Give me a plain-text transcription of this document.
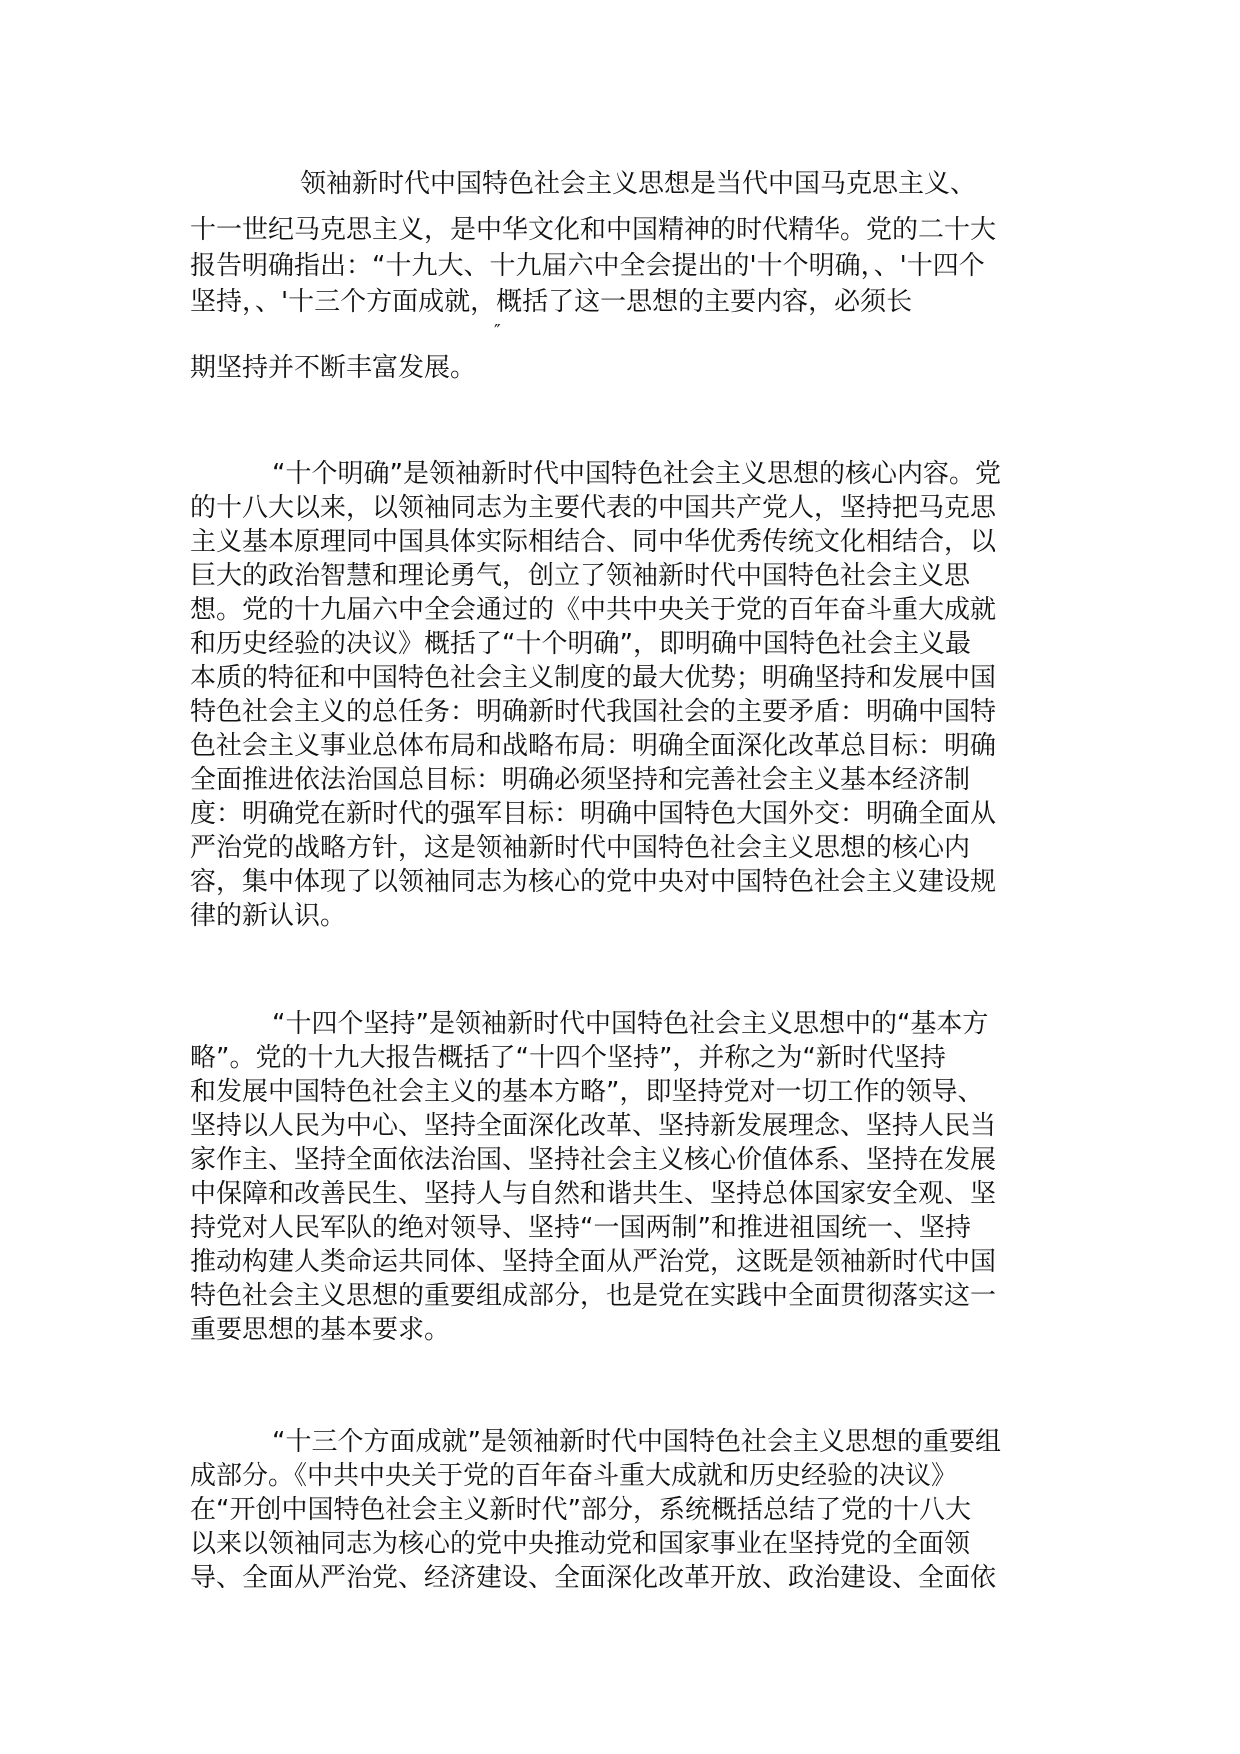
领袖新时代中国特色社会主义思想是当代中国马克思主义、

十一世纪马克思主义，是中华文化和中国精神的时代精华。党的二十大

报告明确指出：“十九大、十九届六中全会提出的'十个明确，、'十四个

坚持，、'十三个方面成就，概括了这一思想的主要内容，必须长

″

期坚持并不断丰富发展。

“十个明确”是领袖新时代中国特色社会主义思想的核心内容。党

的十八大以来，以领袖同志为主要代表的中国共产党人，坚持把马克思

主义基本原理同中国具体实际相结合、同中华优秀传统文化相结合，以

巨大的政治智慧和理论勇气，创立了领袖新时代中国特色社会主义思

想。党的十九届六中全会通过的《中共中央关于党的百年奋斗重大成就

和历史经验的决议》概括了“十个明确”，即明确中国特色社会主义最

本质的特征和中国特色社会主义制度的最大优势；明确坚持和发展中国

特色社会主义的总任务：明确新时代我国社会的主要矛盾：明确中国特

色社会主义事业总体布局和战略布局：明确全面深化改革总目标：明确

全面推进依法治国总目标：明确必须坚持和完善社会主义基本经济制

度：明确党在新时代的强军目标：明确中国特色大国外交：明确全面从

严治党的战略方针，这是领袖新时代中国特色社会主义思想的核心内

容，集中体现了以领袖同志为核心的党中央对中国特色社会主义建设规

律的新认识。

“十四个坚持”是领袖新时代中国特色社会主义思想中的“基本方

略”。党的十九大报告概括了“十四个坚持”，并称之为“新时代坚持

和发展中国特色社会主义的基本方略”，即坚持党对一切工作的领导、

坚持以人民为中心、坚持全面深化改革、坚持新发展理念、坚持人民当

家作主、坚持全面依法治国、坚持社会主义核心价值体系、坚持在发展

中保障和改善民生、坚持人与自然和谐共生、坚持总体国家安全观、坚

持党对人民军队的绝对领导、坚持“一国两制”和推进祖国统一、坚持

推动构建人类命运共同体、坚持全面从严治党，这既是领袖新时代中国

特色社会主义思想的重要组成部分，也是党在实践中全面贯彻落实这一

重要思想的基本要求。

“十三个方面成就”是领袖新时代中国特色社会主义思想的重要组

成部分。《中共中央关于党的百年奋斗重大成就和历史经验的决议》

在“开创中国特色社会主义新时代”部分，系统概括总结了党的十八大

以来以领袖同志为核心的党中央推动党和国家事业在坚持党的全面领

导、全面从严治党、经济建设、全面深化改革开放、政治建设、全面依
